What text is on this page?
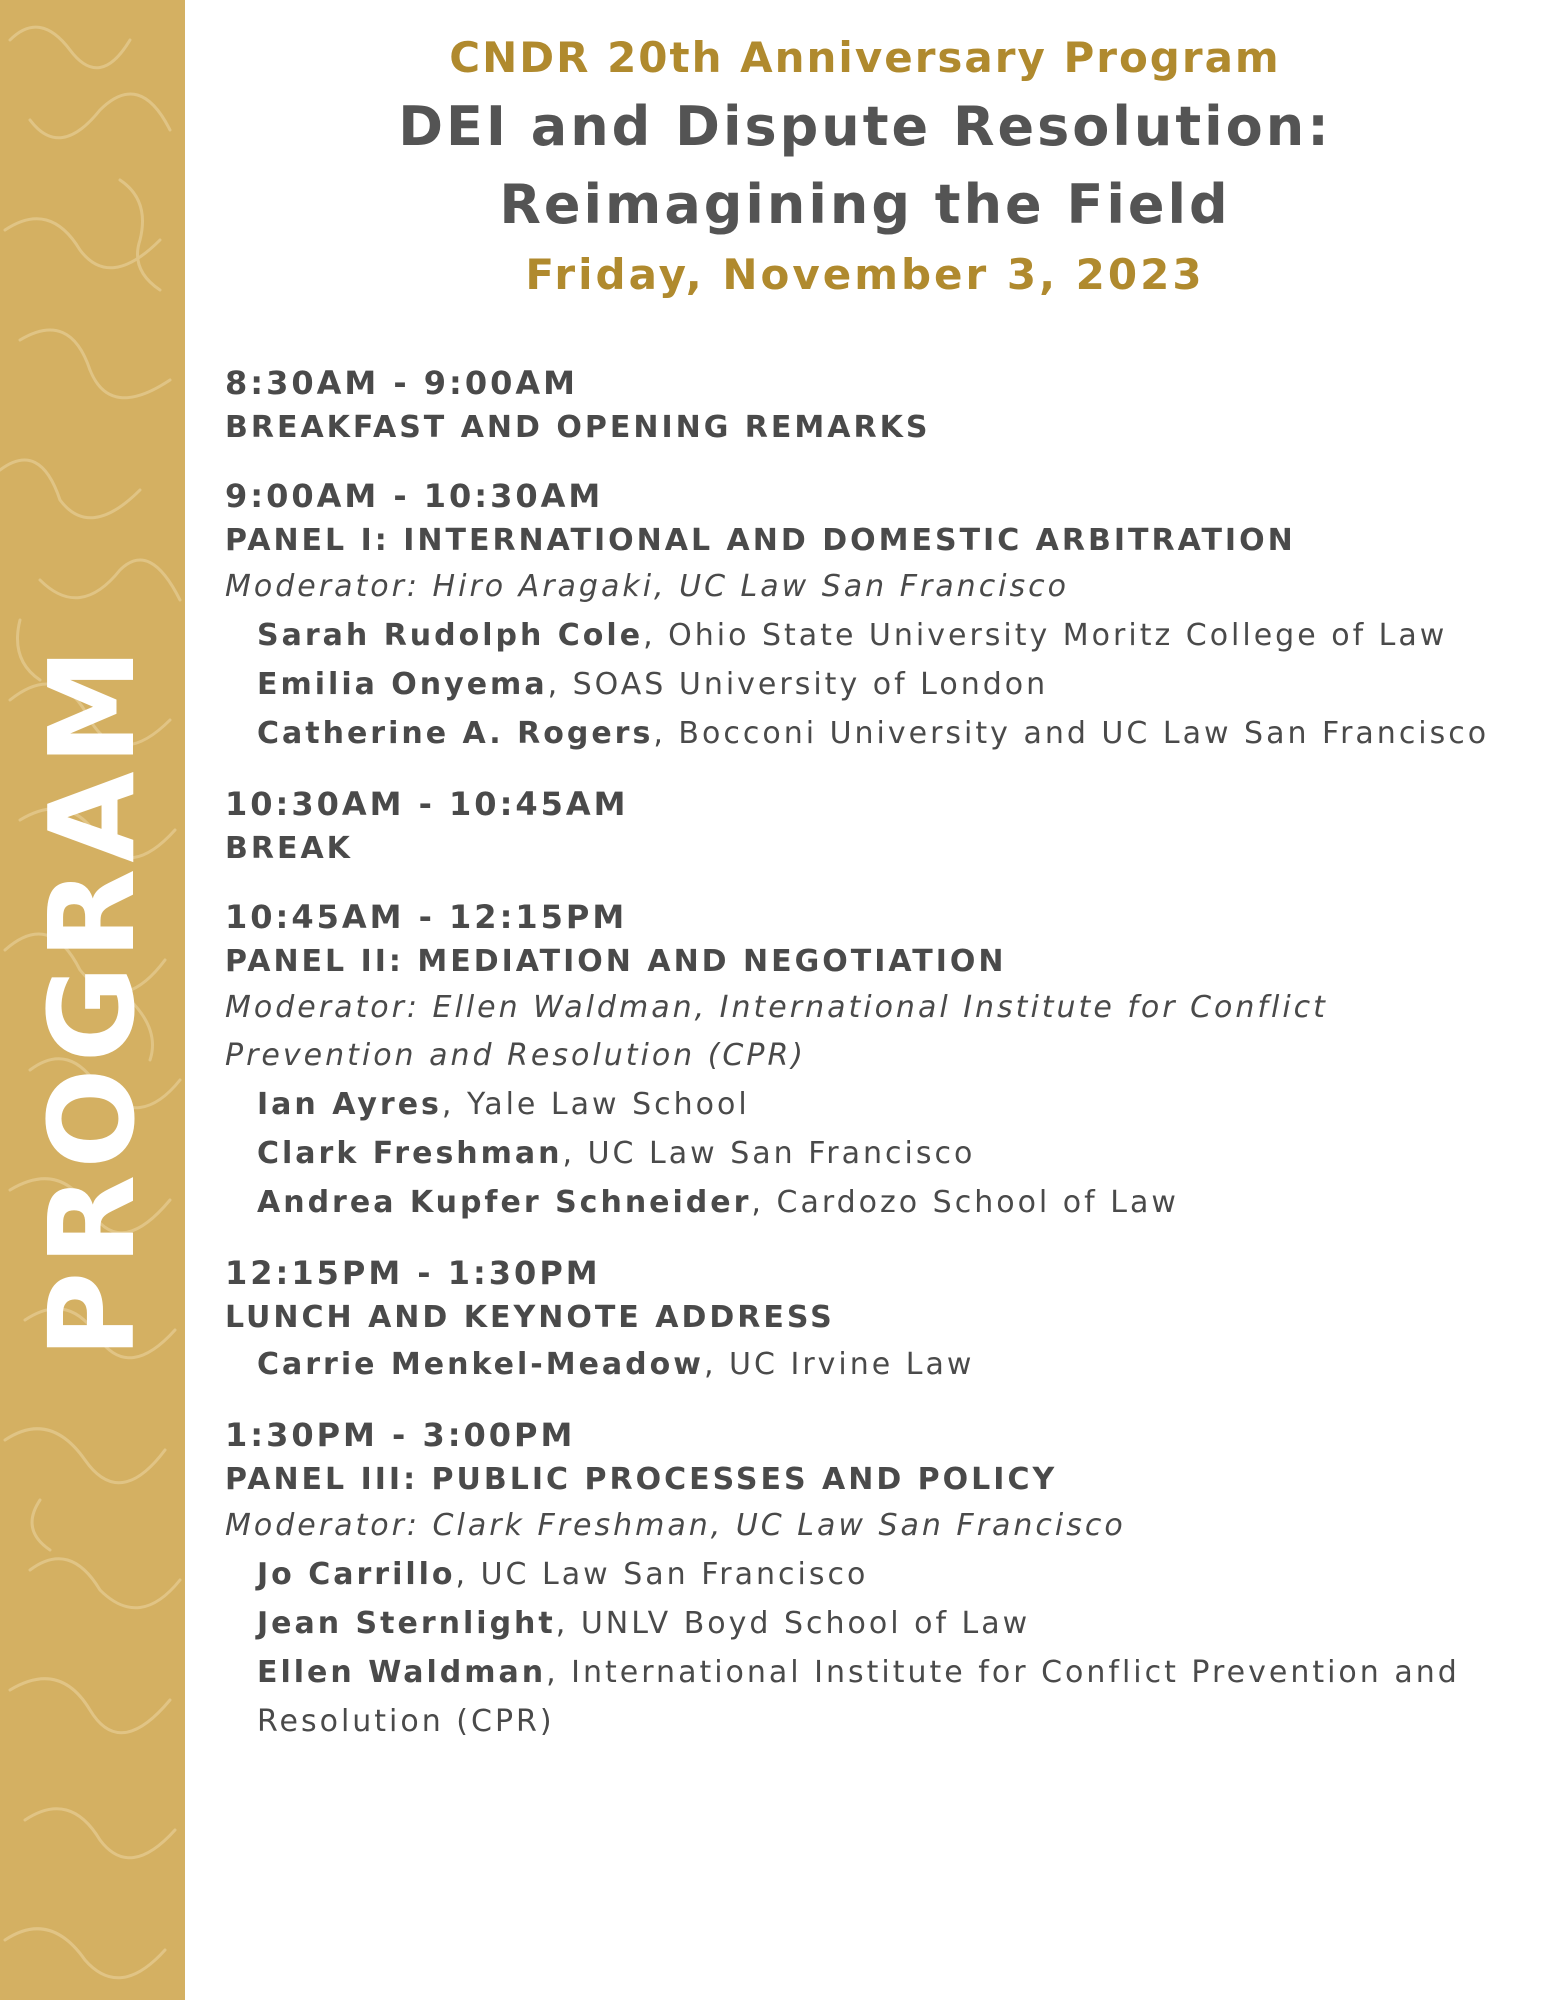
PROGRAM
CNDR 20th Anniversary Program
DEI and Dispute Resolution:
Reimagining the Field
Friday, November 3, 2023
8:30AM - 9:00AM
BREAKFAST AND OPENING REMARKS
9:00AM - 10:30AM
PANEL I: INTERNATIONAL AND DOMESTIC ARBITRATION
Moderator: Hiro Aragaki, UC Law San Francisco
Sarah Rudolph Cole, Ohio State University Moritz College of Law
Emilia Onyema, SOAS University of London
Catherine A. Rogers, Bocconi University and UC Law San Francisco
10:30AM - 10:45AM
BREAK
10:45AM - 12:15PM
PANEL II: MEDIATION AND NEGOTIATION
Moderator: Ellen Waldman, International Institute for Conflict Prevention and Resolution (CPR)
Ian Ayres, Yale Law School
Clark Freshman, UC Law San Francisco
Andrea Kupfer Schneider, Cardozo School of Law
12:15PM - 1:30PM
LUNCH AND KEYNOTE ADDRESS
Carrie Menkel-Meadow, UC Irvine Law
1:30PM - 3:00PM
PANEL III: PUBLIC PROCESSES AND POLICY
Moderator: Clark Freshman, UC Law San Francisco
Jo Carrillo, UC Law San Francisco
Jean Sternlight, UNLV Boyd School of Law
Ellen Waldman, International Institute for Conflict Prevention and Resolution (CPR)
